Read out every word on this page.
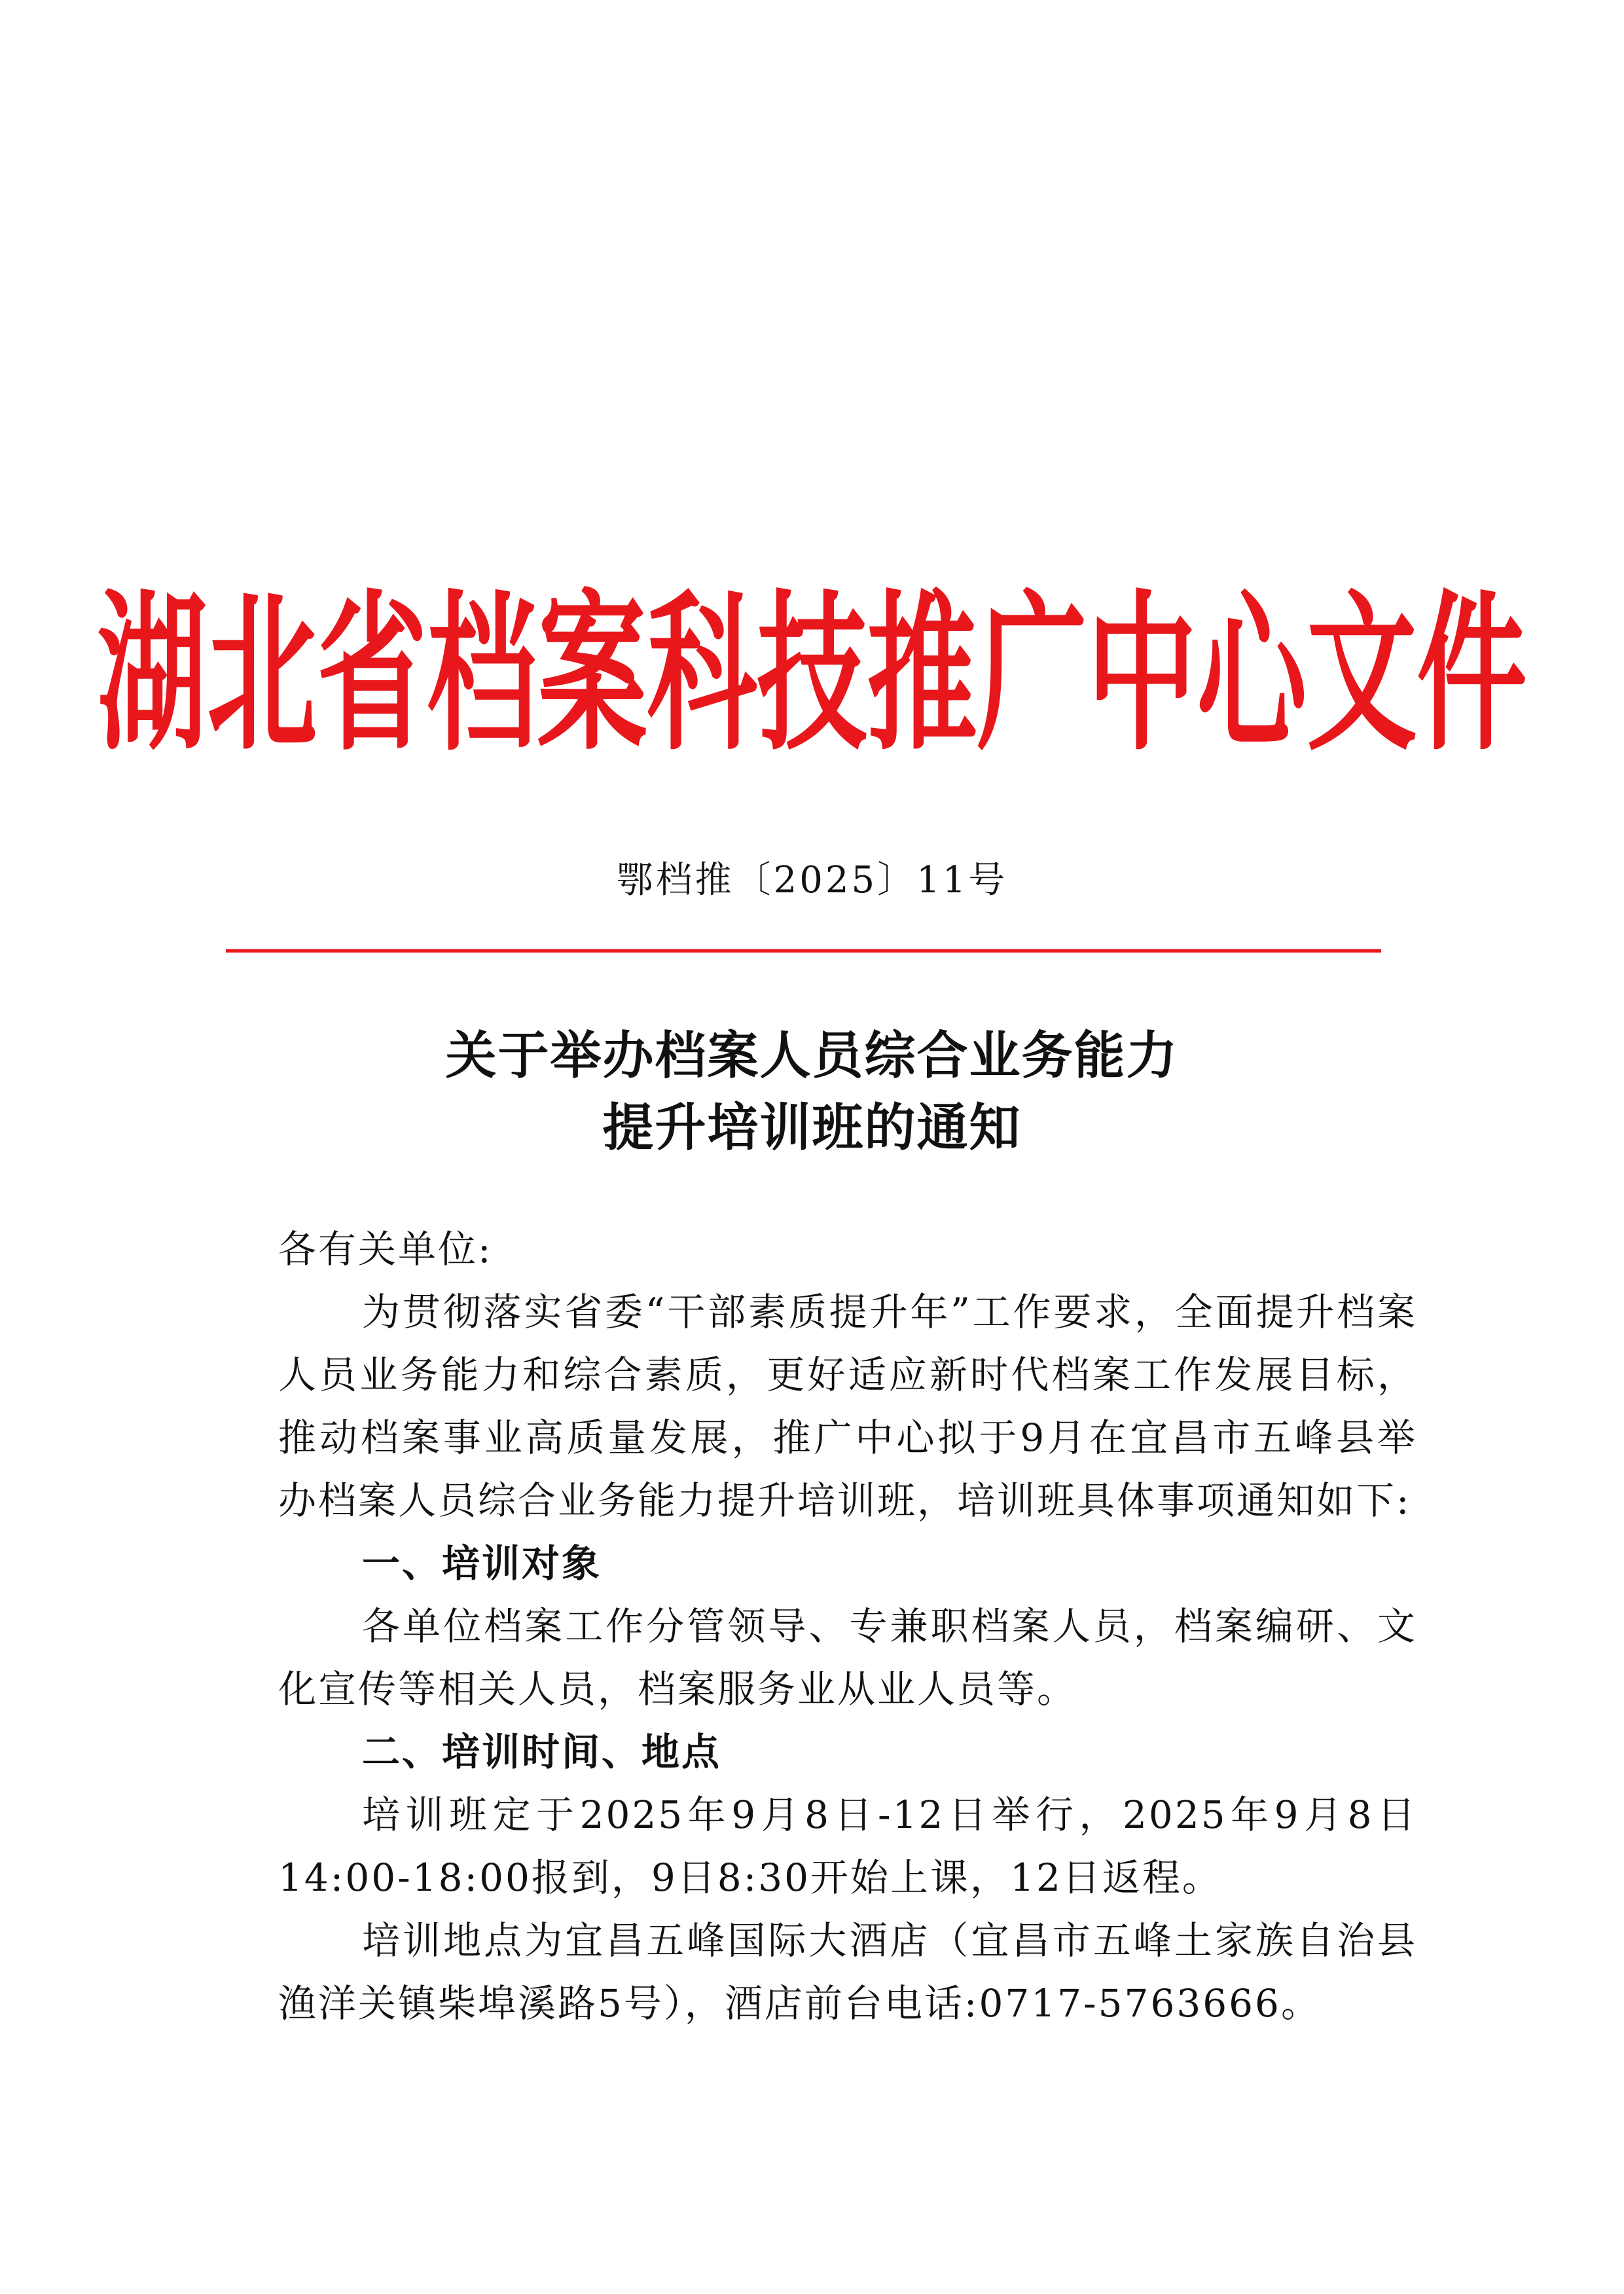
湖北省档案科技推广中心文件
鄂档推〔2025〕11号
关于举办档案人员综合业务能力
提升培训班的通知

各有关单位:

为贯彻落实省委“干部素质提升年”工作要求，全面提升档案人员业务能力和综合素质，更好适应新时代档案工作发展目标，推动档案事业高质量发展，推广中心拟于9月在宜昌市五峰县举办档案人员综合业务能力提升培训班，培训班具体事项通知如下:

一、培训对象

各单位档案工作分管领导、专兼职档案人员，档案编研、文化宣传等相关人员，档案服务业从业人员等。

二、培训时间、地点

培训班定于2025年9月8日-12日举行，2025年9月8日14:00-18:00报到，9日8:30开始上课，12日返程。

培训地点为宜昌五峰国际大酒店（宜昌市五峰土家族自治县渔洋关镇柴埠溪路5号），酒店前台电话:0717-5763666。
